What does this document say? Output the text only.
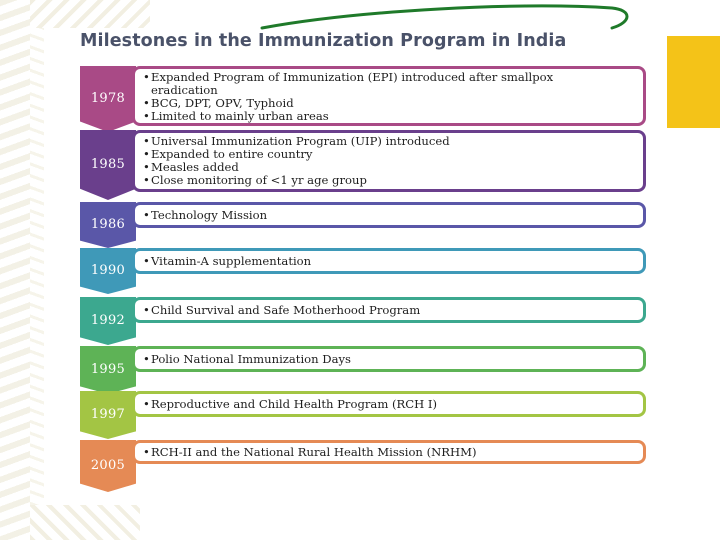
Milestones in the Immunization Program in India
1978
•Expanded Program of Immunization (EPI) introduced after smallpox
eradication
•BCG, DPT, OPV, Typhoid
•Limited to mainly urban areas
1985
•Universal Immunization Program (UIP) introduced
•Expanded to entire country
•Measles added
•Close monitoring of <1 yr age group
1986
•Technology Mission
1990
•Vitamin-A supplementation
1992
•Child Survival and Safe Motherhood Program
1995
•Polio National Immunization Days
1997
•Reproductive and Child Health Program (RCH I)
2005
•RCH-II and the National Rural Health Mission (NRHM)
